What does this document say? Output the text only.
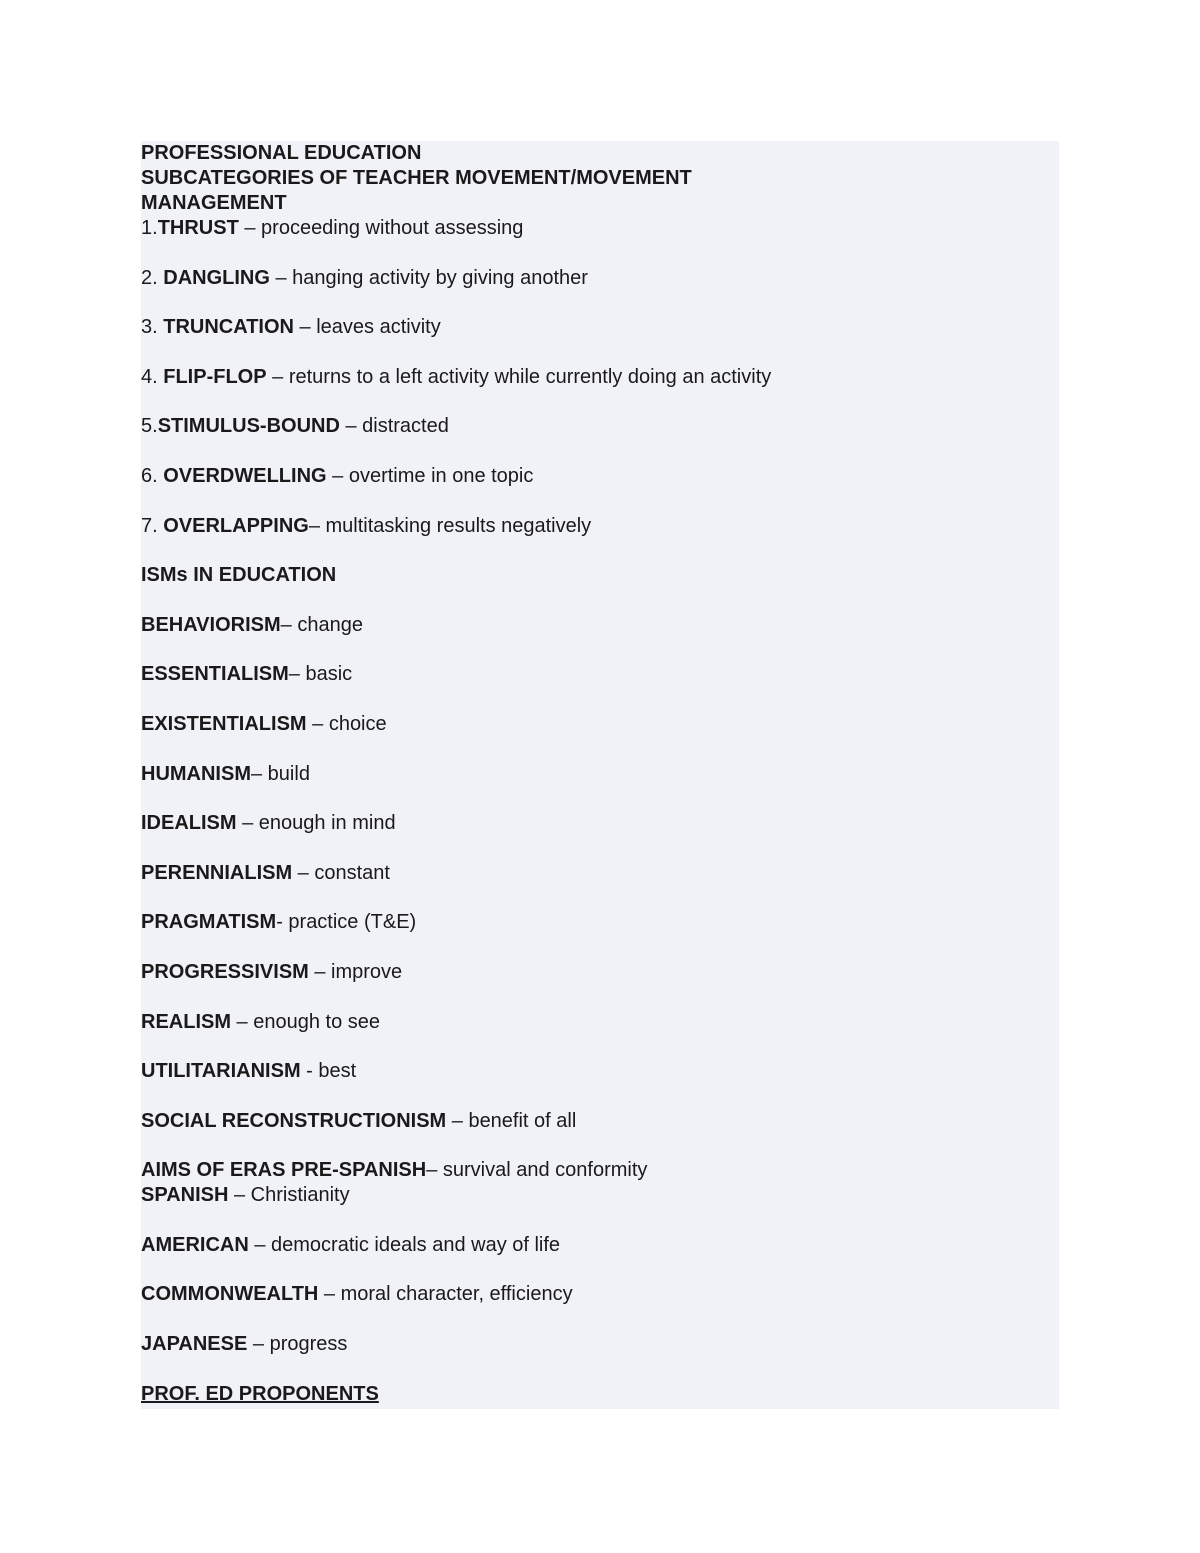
PROFESSIONAL EDUCATION
SUBCATEGORIES OF TEACHER MOVEMENT/MOVEMENT
MANAGEMENT
1.THRUST – proceeding without assessing
2. DANGLING – hanging activity by giving another
3. TRUNCATION – leaves activity
4. FLIP-FLOP – returns to a left activity while currently doing an activity
5.STIMULUS-BOUND – distracted
6. OVERDWELLING – overtime in one topic
7. OVERLAPPING– multitasking results negatively
ISMs IN EDUCATION
BEHAVIORISM– change
ESSENTIALISM– basic
EXISTENTIALISM – choice
HUMANISM– build
IDEALISM – enough in mind
PERENNIALISM – constant
PRAGMATISM- practice (T&E)
PROGRESSIVISM – improve
REALISM – enough to see
UTILITARIANISM - best
SOCIAL RECONSTRUCTIONISM – benefit of all
AIMS OF ERAS PRE-SPANISH– survival and conformity
SPANISH – Christianity
AMERICAN – democratic ideals and way of life
COMMONWEALTH – moral character, efficiency
JAPANESE – progress
PROF. ED PROPONENTS
